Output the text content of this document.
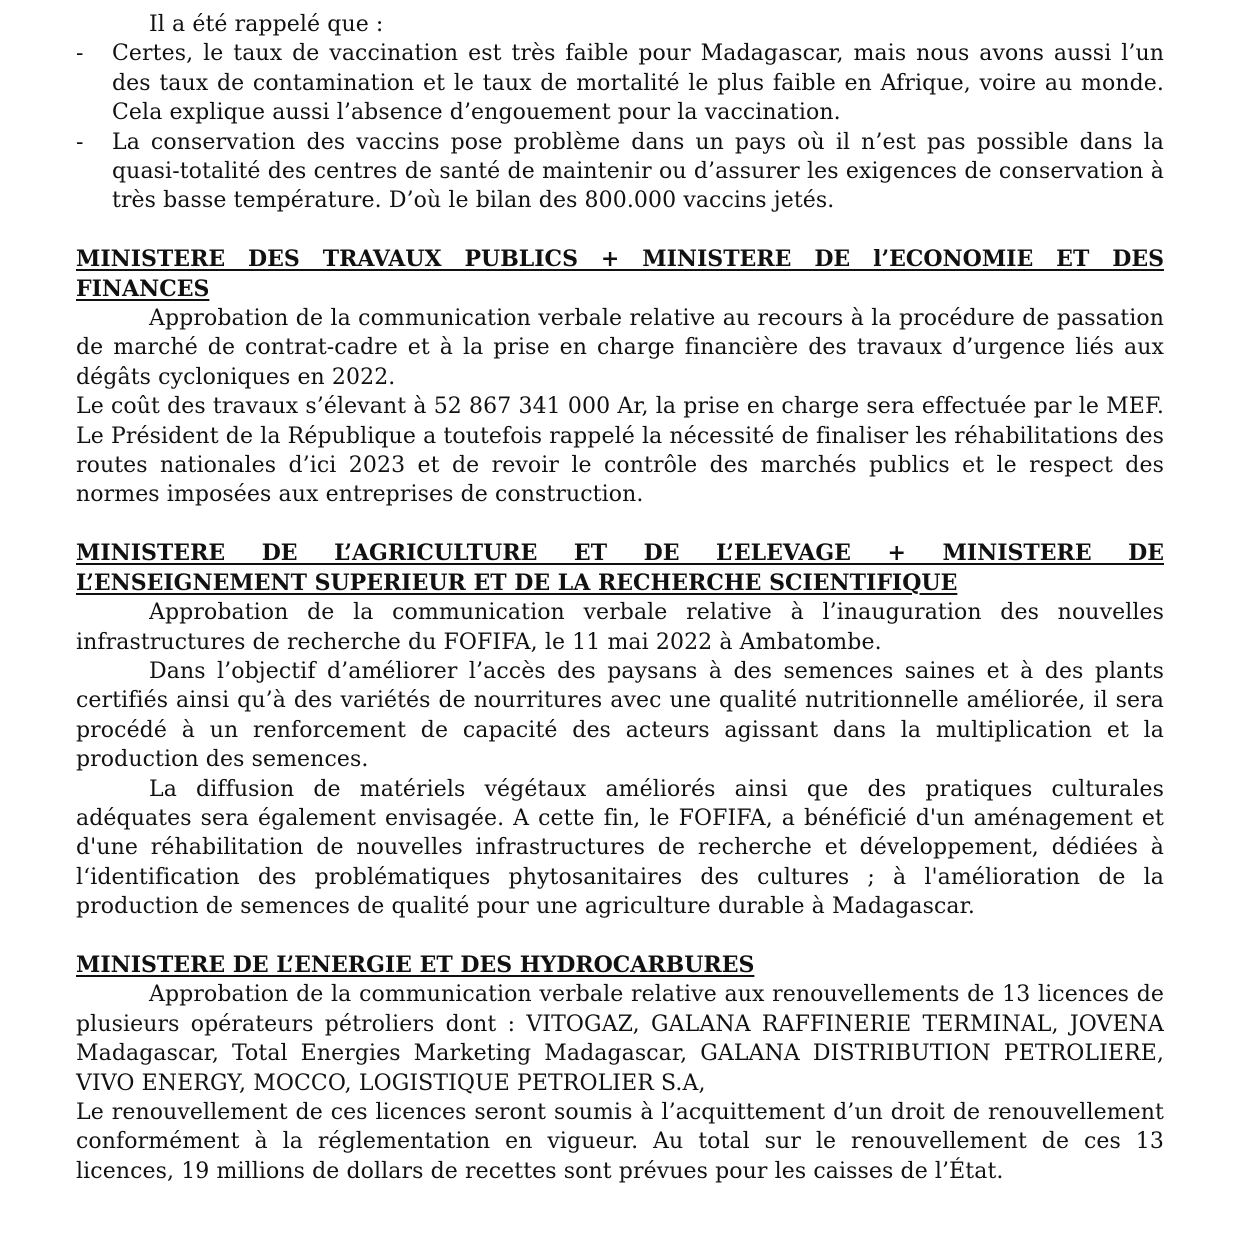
Il a été rappelé que :

- Certes, le taux de vaccination est très faible pour Madagascar, mais nous avons aussi l’un des taux de contamination et le taux de mortalité le plus faible en Afrique, voire au monde. Cela explique aussi l’absence d’engouement pour la vaccination.
- La conservation des vaccins pose problème dans un pays où il n’est pas possible dans la quasi-totalité des centres de santé de maintenir ou d’assurer les exigences de conservation à très basse température. D’où le bilan des 800.000 vaccins jetés.

MINISTERE DES TRAVAUX PUBLICS + MINISTERE DE l’ECONOMIE ET DES FINANCES

Approbation de la communication verbale relative au recours à la procédure de passation de marché de contrat-cadre et à la prise en charge financière des travaux d’urgence liés aux dégâts cycloniques en 2022.

Le coût des travaux s’élevant à 52 867 341 000 Ar, la prise en charge sera effectuée par le MEF. Le Président de la République a toutefois rappelé la nécessité de finaliser les réhabilitations des routes nationales d’ici 2023 et de revoir le contrôle des marchés publics et le respect des normes imposées aux entreprises de construction.

MINISTERE DE L’AGRICULTURE ET DE L’ELEVAGE + MINISTERE DE L’ENSEIGNEMENT SUPERIEUR ET DE LA RECHERCHE SCIENTIFIQUE

Approbation de la communication verbale relative à l’inauguration des nouvelles infrastructures de recherche du FOFIFA, le 11 mai 2022 à Ambatombe.

Dans l’objectif d’améliorer l’accès des paysans à des semences saines et à des plants certifiés ainsi qu’à des variétés de nourritures avec une qualité nutritionnelle améliorée, il sera procédé à un renforcement de capacité des acteurs agissant dans la multiplication et la production des semences.

La diffusion de matériels végétaux améliorés ainsi que des pratiques culturales adéquates sera également envisagée. A cette fin, le FOFIFA, a bénéficié d'un aménagement et d'une réhabilitation de nouvelles infrastructures de recherche et développement, dédiées à l‘identification des problématiques phytosanitaires des cultures ; à l'amélioration de la production de semences de qualité pour une agriculture durable à Madagascar.

MINISTERE DE L’ENERGIE ET DES HYDROCARBURES

Approbation de la communication verbale relative aux renouvellements de 13 licences de plusieurs opérateurs pétroliers dont : VITOGAZ, GALANA RAFFINERIE TERMINAL, JOVENA Madagascar, Total Energies Marketing Madagascar, GALANA DISTRIBUTION PETROLIERE, VIVO ENERGY, MOCCO, LOGISTIQUE PETROLIER S.A,

Le renouvellement de ces licences seront soumis à l’acquittement d’un droit de renouvellement conformément à la réglementation en vigueur. Au total sur le renouvellement de ces 13 licences, 19 millions de dollars de recettes sont prévues pour les caisses de l’État.
